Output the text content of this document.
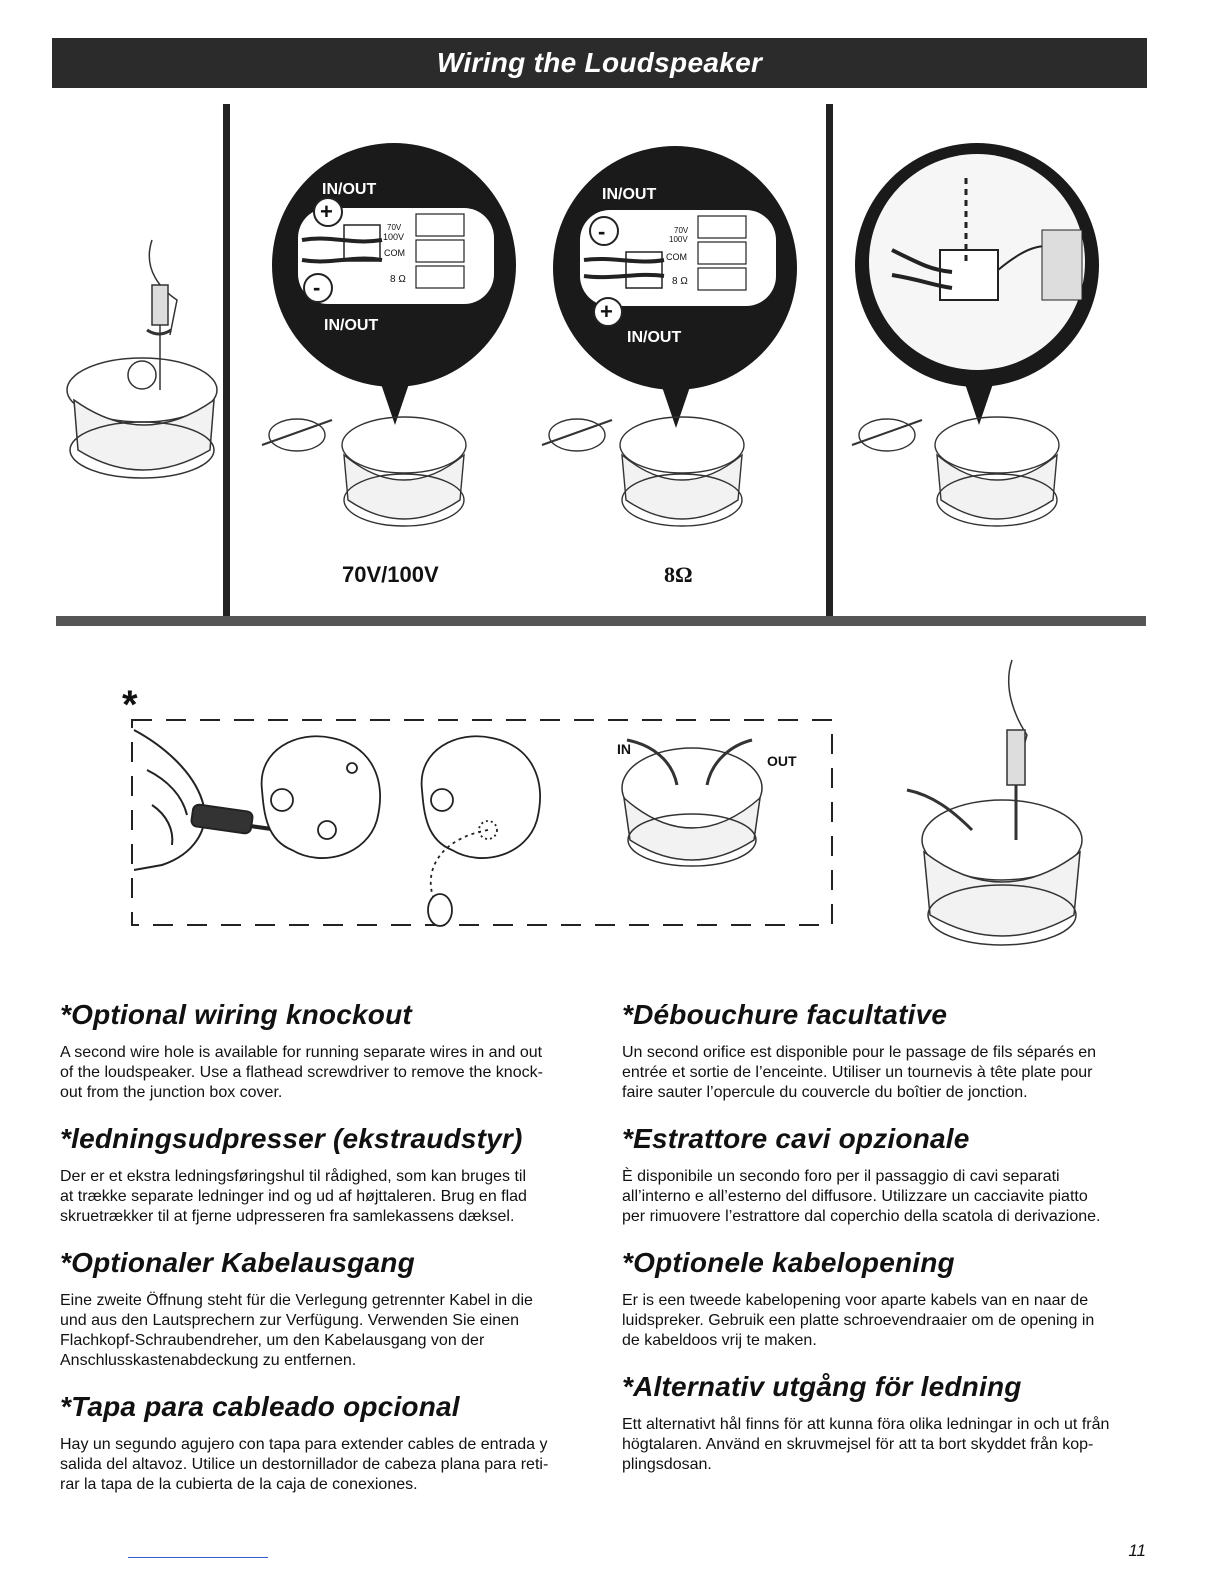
Wiring the Loudspeaker
IN/OUT
IN/OUT
+
-
70V
100V
COM
8 Ω
IN/OUT
IN/OUT
+
-	70V
100V
COM
8 Ω
70V/100V	8Ω
*
IN
OUT
*Optional wiring knockout

A second wire hole is available for running separate wires in and out
of the loudspeaker. Use a flathead screwdriver to remove the knock-
out from the junction box cover.

*ledningsudpresser (ekstraudstyr)

Der er et ekstra ledningsføringshul til rådighed, som kan bruges til
at trække separate ledninger ind og ud af højttaleren. Brug en flad
skruetrækker til at fjerne udpresseren fra samlekassens dæksel.

*Optionaler Kabelausgang

Eine zweite Öffnung steht für die Verlegung getrennter Kabel in die
und aus den Lautsprechern zur Verfügung. Verwenden Sie einen
Flachkopf-Schraubendreher, um den Kabelausgang von der
Anschlusskastenabdeckung zu entfernen.

*Tapa para cableado opcional

Hay un segundo agujero con tapa para extender cables de entrada y
salida del altavoz. Utilice un destornillador de cabeza plana para reti-
rar la tapa de la cubierta de la caja de conexiones.

*Débouchure facultative

Un second orifice est disponible pour le passage de fils séparés en
entrée et sortie de l’enceinte. Utiliser un tournevis à tête plate pour
faire sauter l’opercule du couvercle du boîtier de jonction.

*Estrattore cavi opzionale

È disponibile un secondo foro per il passaggio di cavi separati
all’interno e all’esterno del diffusore. Utilizzare un cacciavite piatto
per rimuovere l’estrattore dal coperchio della scatola di derivazione.

*Optionele kabelopening

Er is een tweede kabelopening voor aparte kabels van en naar de
luidspreker. Gebruik een platte schroevendraaier om de opening in
de kabeldoos vrij te maken.

*Alternativ utgång för ledning

Ett alternativt hål finns för att kunna föra olika ledningar in och ut från
högtalaren. Använd en skruvmejsel för att ta bort skyddet från kop-
plingsdosan.

11
